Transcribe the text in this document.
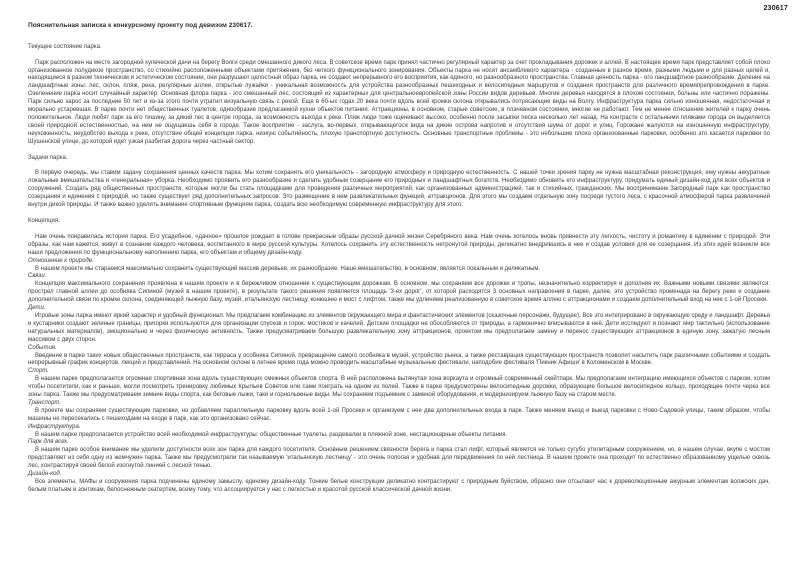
230617

Пояснительная записка к конкурсному проекту под девизом 230617.

Текущее состояние парка.

Парк расположен на месте загородной купеческой дачи на берегу Волги среди смешанного дикого леса. В советское время парк принял частично регулярный характер за счет прокладывания дорожек и аллей. В настоящее время парк представляет собой плохо организованное полудикое пространство, со стихийно расположенными объектами притяжения, без четкого функционального зонирования. Объекты парка не носят ансамблевого характера - созданные в разное время, разными людьми и для разных целей и, находящиеся в разном техническом и эстетическом состоянии, они разрушают целостный образ парка, не создают непрерывного его восприятия, как единого, но разнообразного пространства. Главная ценность парка - его ландшафтное разнообразие. Деление на ландшафтные зоны: лес, склон, пляж, река, регулярные аллеи, открытые лужайки - уникальная возможность для устройства разнообразных пешеходных и велосипедных маршрутов и создания пространств для различного времяпрепровождения в парке. Озеленение парка носит случайный характер. Основная флора парка - это смешанный лес, состоящий из характерных для центральноевропейской зоны России видов деревьев. Многие деревья находятся в плохом состоянии, больны или частично поражены. Парк сильно зарос за последние 50 лет и из-за этого почти утратил визуальную связь с рекой. Еще в 60-ых годах 20 века почти вдоль всей кромки склона открывались потрясающие виды на Волгу. Инфраструктура парка сильно изношенная, недостаточная и морально устаревшая. В парке почти нет общественных туалетов, однообразие предлагаемой кухни объектов питания. Аттракционы, в основном, старые советские, в плачевном состоянии, многие не работают. Тем не менее отношение жителей к парку очень положительное. Люди любят парк за его тишину, за дикий лес в центре города, за возможность выхода к реке. Пляж люди тоже оценивают высоко, особенно после засыпки песка несколько лет назад. На контрасте с остальными пляжами города он выделяется своей природной естественностью, на нем не ощущаешь себя в городе. Такое восприятие - заслуга, во-первых, открывающегося вида на дикие острова напротив и отсутствия шума от дорог и улиц. Горожане жалуются на изношенную инфраструктуру, неухоженность, неудобство выхода к реке, отсутствие общей концепции парка, низкую событийность, плохую транспортную доступность. Основные транспортные проблемы - это небольшие плохо организованные парковки, особенно это касается парковки по Шушенской улице, до которой идет узкая разбитая дорога через частный сектор.

Задачи парка.

В первую очередь, мы ставим задачу сохранения ценных качеств парка. Мы хотим сохранить его уникальность - загородную атмосферу и природную естественность. С нашей точки зрения парку не нужна масштабная реконструкция, ему нужны аккуратные локальные вмешательства и «генеральная» уборка. Необходимо проявить его разнообразие и сделать удобным созерцание его природных и ландшафтных богатств. Необходимо обновить его инфраструктуру, придумать единый дизайн-код для всех объектов и сооружений. Создать ряд общественных пространств, которые могли бы стать площадками для проведения различных мероприятий, как организованных администрацией, так и стихийных, гражданских. Мы воспринимаем Загородный парк как пространство созерцания и единения с природой, но также существует ряд дополнительных запросов. Это размещение в нем развлекательных функций, аттракционов. Для этого мы создаем отдельную зону посреди густого леса, с красочной атмосферой парка развлечений внутри дикой природы. И также важно уделить внимание спортивным функциям парка, создать всю необходимую современную инфраструктуру для этого.

Концепция.

Нам очень понравилась история парка. Его усадебное, «дачное» прошлое рождает в голове прекрасные образы русской дачной жизни Серебряного века. Нам очень хотелось вновь привнести эту легкость, чистоту и романтику в единении с природой. Эти образы, как нам кажется, живут в сознании каждого человека, воспитанного в мире русской культуры. Хотелось сохранить эту естественность нетронутой природы, деликатно внедрившись в нее и создав условия для ее созерцания. Из этих идей возникли все наши предложения по функциональному наполнению парка, его объектам и общему дизайн-коду.

Отношение к природе.

В нашем проекте мы стараемся максимально сохранить существующий массив деревьев, их разнообразие. Наше вмешательство, в основном, является локальным и деликатным.

Связи.

Концепция максимального сохранения проявлена в нашем проекте и в бережливом отношение к существующим дорожкам. В основном, мы сохраняем все дорожки и тропы, незначительно корректируя и дополняя их. Важными новыми связями являются: прострел главной аллеи до особняка Сипиной (музей в нашем проекте), в результате такого решения появляется площадь '3-ех дорог', от которой расходятся 3 основных направления в парке, далее, это устройство променада на берегу реки и создание дополнительной связи по кромке склона, соединяющей лыжную базу, музей, итальянскую лестницу, конюшню и мост с лифтом, также мы удлиняем реализованную в советское время аллею с аттракционами и создаем дополнительный вход на нее с 1-ой Просеки.

Дети.

Игровые зоны парка имеют яркий характер и удобный функционал. Мы предлагаем комбинацию из элементов окружающего мира и фантастических элементов (сказочные персонажи, будущее). Все это интегрировано в окружающую среду и ландшафт. Деревья и кустарники создают зеленые границы, пригорки используются для организации спусков и горок, мостиков и качелей. Детские площадки не обособляются от природы, а гармонично вписываются в неё. Дети исследуют и познают мир тактильно (использование натуральных материалов), эмоционально и через физическую активность. Также предусматриваем большую развлекательную зону аттракционов, проектом мы предполагаем замену и перенос существующих аттракционов в единую зону, зажатую лесным массивом с двух сторон.

События.

Введение в парке таких новых общественных пространств, как терраса у особняка Сипиной, превращение самого особняка в музей, устройство рынка, а также реставрация существующих пространств позволит насытить парк различными событиями и создать непрерывный график концертов, лекций и представлений. На основном склоне в летнее время года можно проводить масштабные музыкальные фестивали, наподобие фестиваля 'Пикник Афиши' в Коломенском в Москве.

Спорт.

В нашем парке предполагается огромная спортивная зона вдоль существующих смежных объектов спорта. В ней расположена вытянутая зона воркаута и огромный современный скейтпарк. Мы предполагаем интеграцию имеющихся объектов с парком, хотим чтобы посетители, как и раньше, могли посмотреть тренировку любимых Крыльев Советов или сами поиграть на одном из полей. Также в парке предусмотрены велосипедные дорожки, образующие большое велосипедное кольцо, проходящее почти через все зоны парка. Также мы предусматриваем зимние виды спорта, как беговые лыжи, таки и горнолыжные виды. Мы сохраняем подъемник с заменой оборудования, и модернизируем лыжную базу на старом месте.

Транспорт.

В проекте мы сохраняем существующие парковки, но добавляем параллельную парковку вдоль всей 1-ой Просеки и организуем с нее два дополнительных входа в парк. Также меняем въезд и выезд парковки с Ново-Садовой улицы, таким образом, чтобы машины не пересекались с пешеходами на входе в парк, как это организовано сейчас.

Инфраструктура.

В нашем парке предполагается устройство всей необходимой инфраструктуры: общественные туалеты, раздевалки в пляжной зоне, нестационарные объекты питания.

Парк для всех.

В нашем парке особое внимание мы уделили доступности всех зон парка для каждого посетителя. Основным решением связности берега и парка стал лифт, который является не только сугубо утилитарным сооружением, но, в нашем случае, вкупе с мостом представляет из себя одну из жемчужин парка. Также мы предусмотрели так называемую 'итальянскую лестницу' - это очень пологая и удобная для передвижения по ней лестница. В нашем проекте она проходит по естественно образованному ущелью сквозь лес, контрастируя своей белой изогнутой линией с лесной тенью.

Дизайн-код.

Все элементы, МАФы и сооружения парка подчинены единому замыслу, единому дизайн-коду. Тонкие белые конструкции деликатно контрастируют с природным буйством, образно они отсылают нас к дореволюционным ажурным элементам волжских дач, белым платьям и зонтикам, белоснежным скатертям, всему тому, что ассоциируется у нас с легкостью и красотой русской классической дачной жизни.
